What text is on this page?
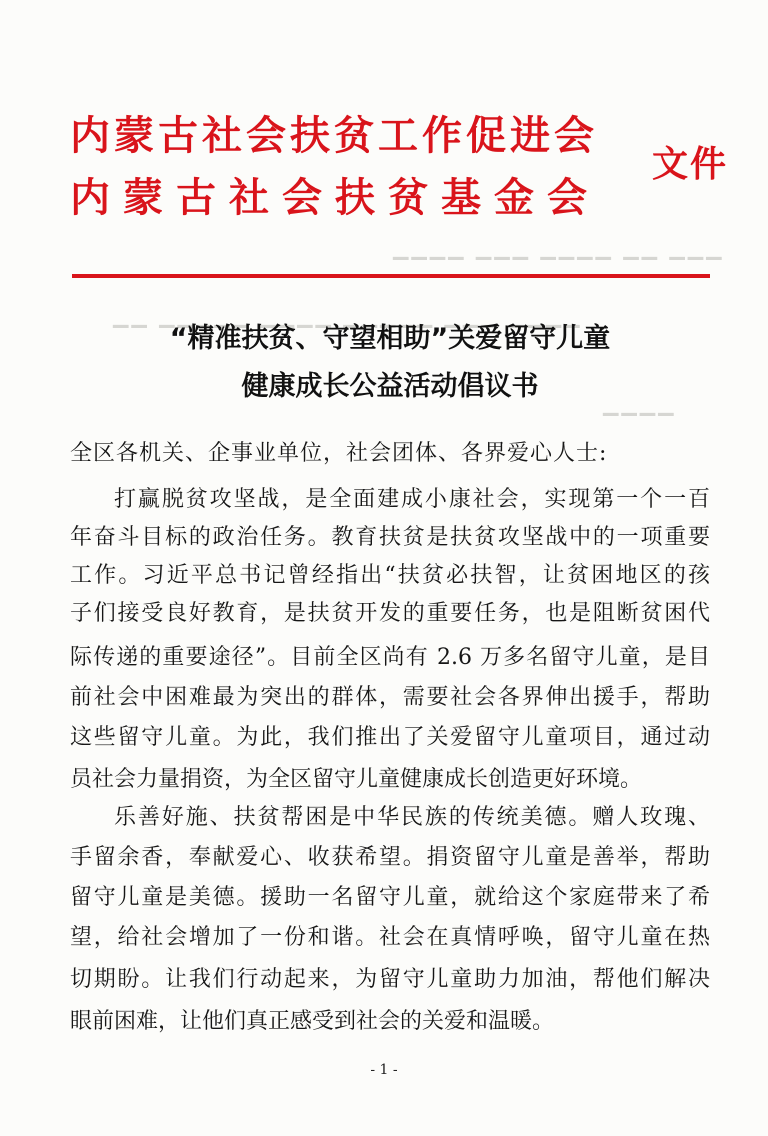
▁▁▁ ▁▁ ▁▁▁▁ ▁▁▁ ▁▁▁▁
▁▁▁▁ ▁▁▁ ▁▁▁▁▁ ▁▁▁▁ ▁▁▁▁▁ ▁▁
▁▁▁▁
内蒙古社会扶贫工作促进会
内蒙古社会扶贫基金会
文件
“精准扶贫、守望相助”关爱留守儿童
健康成长公益活动倡议书
全区各机关、企事业单位，社会团体、各界爱心人士:
打赢脱贫攻坚战，是全面建成小康社会，实现第一个一百
年奋斗目标的政治任务。教育扶贫是扶贫攻坚战中的一项重要
工作。习近平总书记曾经指出“扶贫必扶智，让贫困地区的孩
子们接受良好教育，是扶贫开发的重要任务，也是阻断贫困代
际传递的重要途径”。目前全区尚有 2.6 万多名留守儿童，是目
前社会中困难最为突出的群体，需要社会各界伸出援手，帮助
这些留守儿童。为此，我们推出了关爱留守儿童项目，通过动
员社会力量捐资，为全区留守儿童健康成长创造更好环境。
乐善好施、扶贫帮困是中华民族的传统美德。赠人玫瑰、
手留余香，奉献爱心、收获希望。捐资留守儿童是善举，帮助
留守儿童是美德。援助一名留守儿童，就给这个家庭带来了希
望，给社会增加了一份和谐。社会在真情呼唤，留守儿童在热
切期盼。让我们行动起来，为留守儿童助力加油，帮他们解决
眼前困难，让他们真正感受到社会的关爱和温暖。
- 1 -
